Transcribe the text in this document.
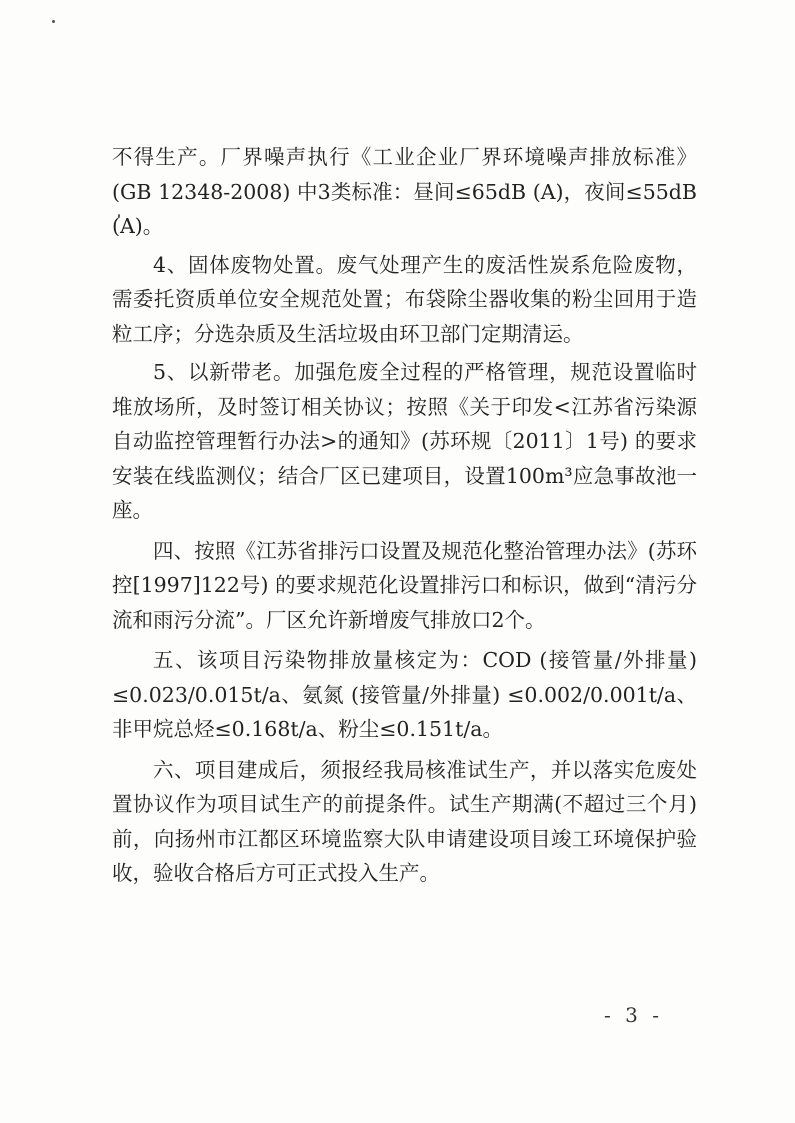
不得生产。厂界噪声执行《工业企业厂界环境噪声排放标准》(GB 12348-2008) 中3类标准：昼间≤65dB (A)，夜间≤55dB (A)。

4、固体废物处置。废气处理产生的废活性炭系危险废物，需委托资质单位安全规范处置；布袋除尘器收集的粉尘回用于造粒工序；分选杂质及生活垃圾由环卫部门定期清运。

5、以新带老。加强危废全过程的严格管理，规范设置临时堆放场所，及时签订相关协议；按照《关于印发<江苏省污染源自动监控管理暂行办法>的通知》(苏环规〔2011〕1号) 的要求安装在线监测仪；结合厂区已建项目，设置100m³应急事故池一座。

四、按照《江苏省排污口设置及规范化整治管理办法》(苏环控[1997]122号) 的要求规范化设置排污口和标识，做到“清污分流和雨污分流”。厂区允许新增废气排放口2个。

五、该项目污染物排放量核定为：COD (接管量/外排量) ≤0.023/0.015t/a、氨氮 (接管量/外排量) ≤0.002/0.001t/a、非甲烷总烃≤0.168t/a、粉尘≤0.151t/a。

六、项目建成后，须报经我局核准试生产，并以落实危废处置协议作为项目试生产的前提条件。试生产期满(不超过三个月)前，向扬州市江都区环境监察大队申请建设项目竣工环境保护验收，验收合格后方可正式投入生产。

- 3 -
